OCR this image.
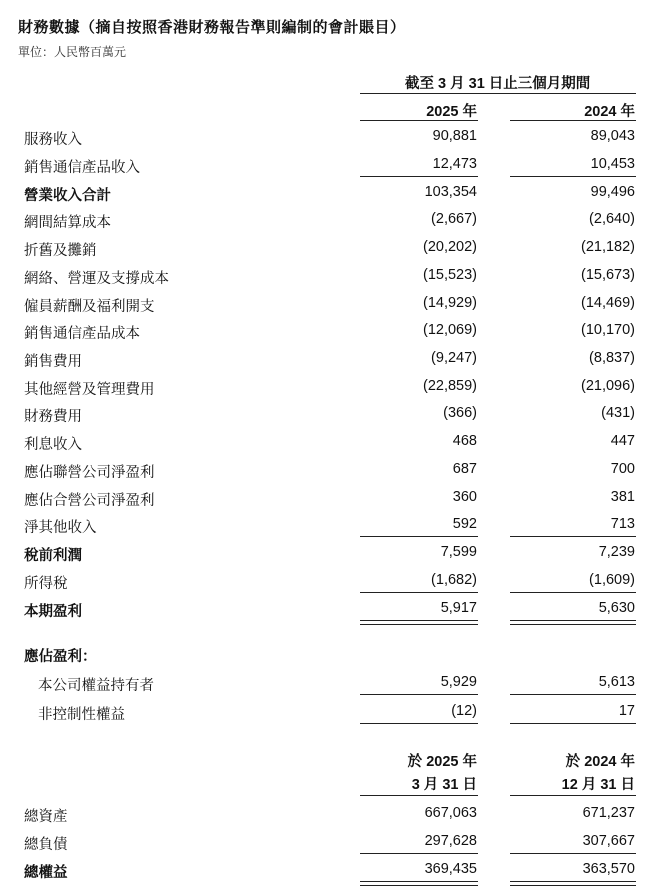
財務數據（摘自按照香港財務報告準則編制的會計賬目）
單位：人民幣百萬元
截至 3 月 31 日止三個月期間
2025 年	2024 年
服務收入	90,881	89,043
銷售通信產品收入	12,473	10,453
營業收入合計	103,354	99,496
網間結算成本	(2,667)	(2,640)
折舊及攤銷	(20,202)	(21,182)
網絡、營運及支撐成本	(15,523)	(15,673)
僱員薪酬及福利開支	(14,929)	(14,469)
銷售通信產品成本	(12,069)	(10,170)
銷售費用	(9,247)	(8,837)
其他經營及管理費用	(22,859)	(21,096)
財務費用	(366)	(431)
利息收入	468	447
應佔聯營公司淨盈利	687	700
應佔合營公司淨盈利	360	381
淨其他收入	592	713
稅前利潤	7,599	7,239
所得稅	(1,682)	(1,609)
本期盈利	5,917	5,630
應佔盈利：
本公司權益持有者	5,929	5,613
非控制性權益	(12)	17
於 2025 年	於 2024 年
3 月 31 日	12 月 31 日
總資產	667,063	671,237
總負債	297,628	307,667
總權益	369,435	363,570
